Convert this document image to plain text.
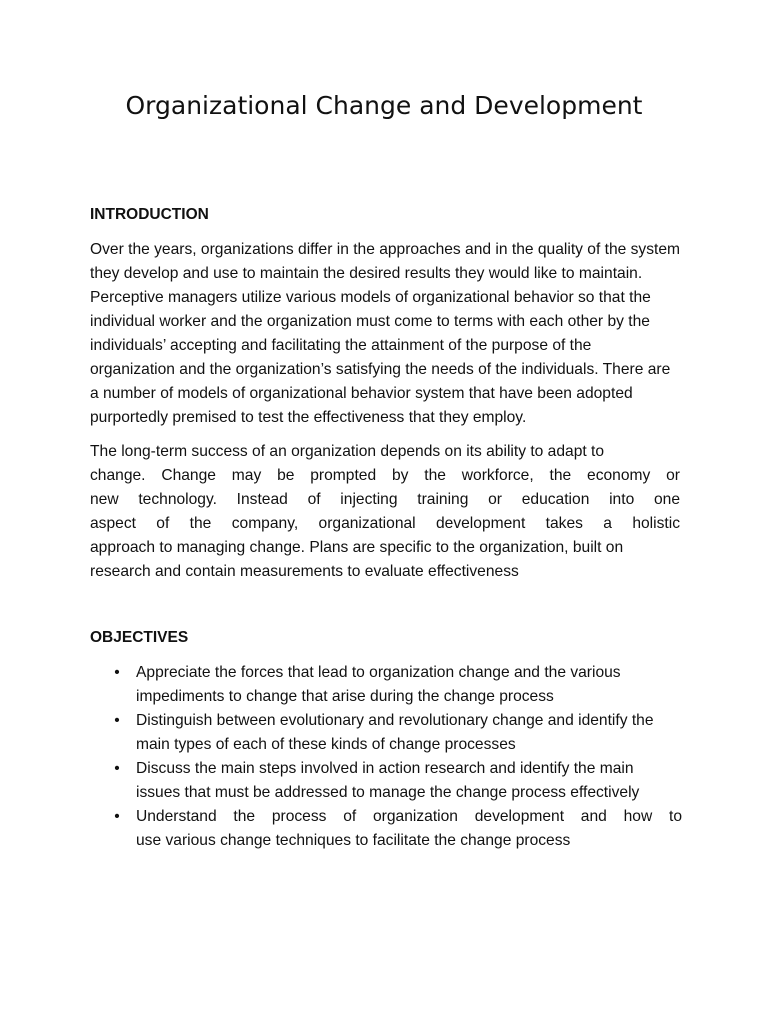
Organizational Change and Development
INTRODUCTION

Over the years, organizations differ in the approaches and in the quality of the system they develop and use to maintain the desired results they would like to maintain. Perceptive managers utilize various models of organizational behavior so that the individual worker and the organization must come to terms with each other by the individuals’ accepting and facilitating the attainment of the purpose of the organization and the organization’s satisfying the needs of the individuals. There are a number of models of organizational behavior system that have been adopted purportedly premised to test the effectiveness that they employ.

The long-term success of an organization depends on its ability to adapt to
change. Change may be prompted by the workforce, the economy or
new technology. Instead of injecting training or education into one
aspect of the company, organizational development takes a holistic
approach to managing change. Plans are specific to the organization, built on
research and contain measurements to evaluate effectiveness

OBJECTIVES
• Appreciate the forces that lead to organization change and the various
impediments to change that arise during the change process
• Distinguish between evolutionary and revolutionary change and identify the
main types of each of these kinds of change processes
• Discuss the main steps involved in action research and identify the main
issues that must be addressed to manage the change process effectively
• Understand the process of organization development and how to
use various change techniques to facilitate the change process
